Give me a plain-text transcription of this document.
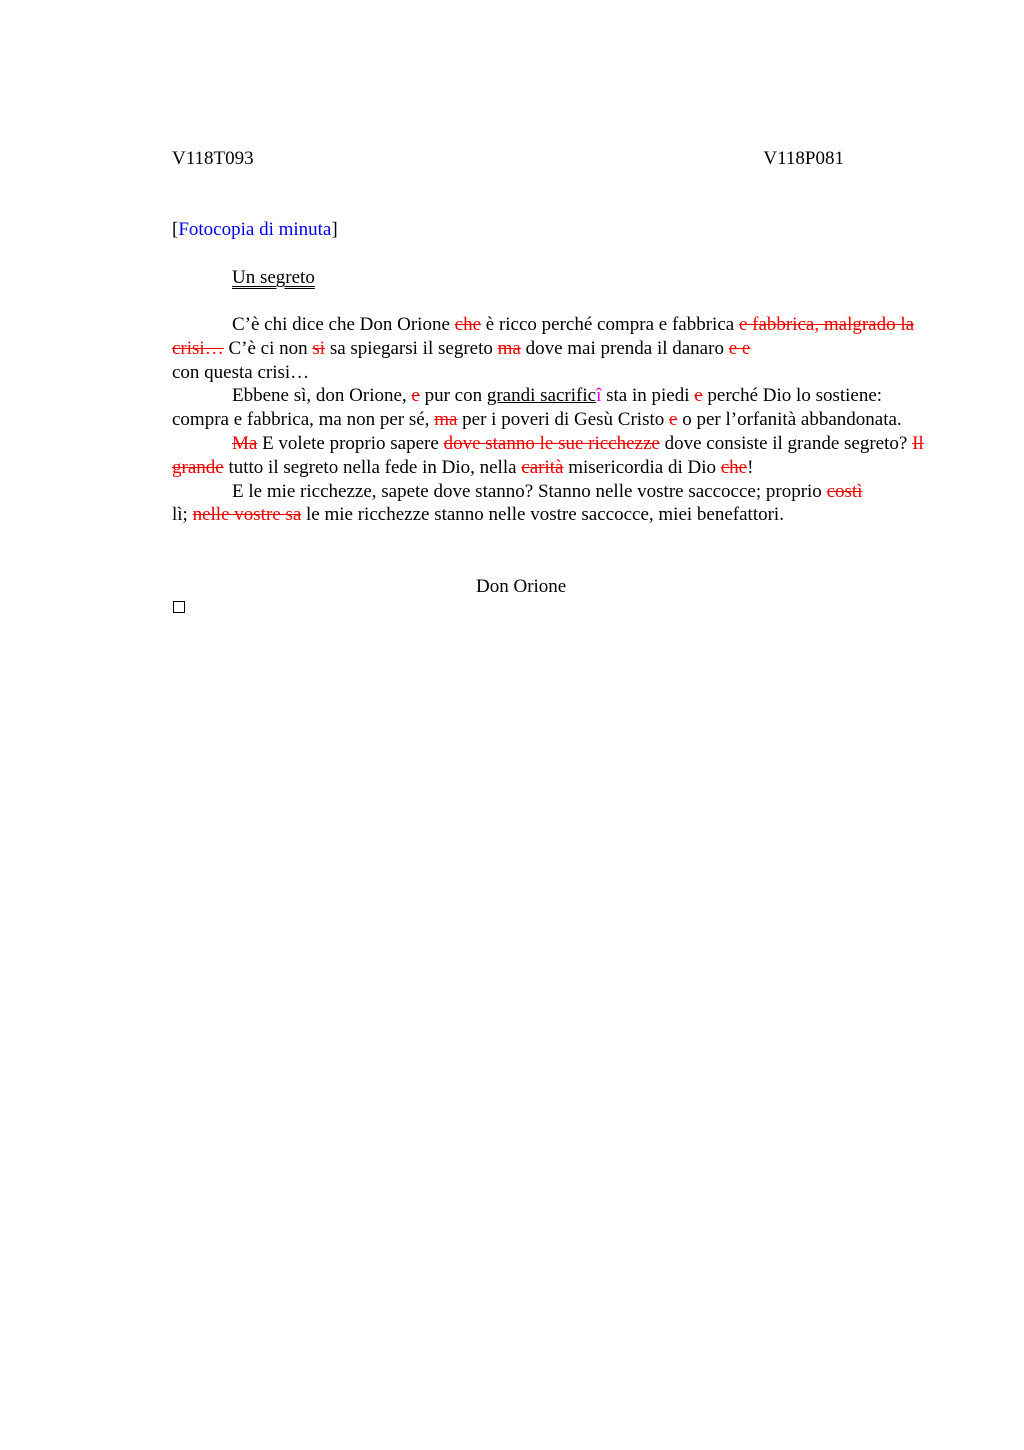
V118T093	V118P081
[Fotocopia di minuta]
Un segreto

C’è chi dice che Don Orione che è ricco perché compra e fabbrica e fabbrica, malgrado la crisi… C’è ci non si sa spiegarsi il segreto ma dove mai prenda il danaro e e
con questa crisi…

Ebbene sì, don Orione, e pur con grandi sacrificî sta in piedi e perché Dio lo sostiene: compra e fabbrica, ma non per sé, ma per i poveri di Gesù Cristo e o per l’orfanità abbandonata.

Ma E volete proprio sapere dove stanno le sue ricchezze dove consiste il grande segreto? Il grande tutto il segreto nella fede in Dio, nella carità misericordia di Dio che!

E le mie ricchezze, sapete dove stanno? Stanno nelle vostre saccocce; proprio costì
lì; nelle vostre sa le mie ricchezze stanno nelle vostre saccocce, miei benefattori.

Don Orione
